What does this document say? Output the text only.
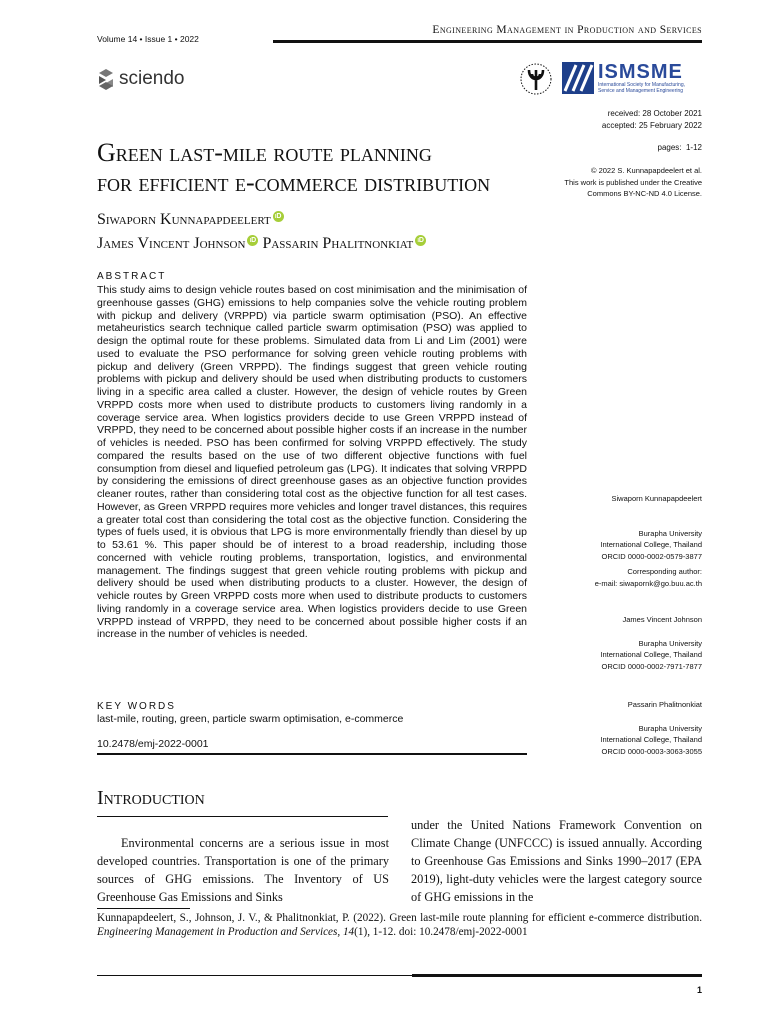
Volume 14 • Issue 1 • 2022
Engineering Management in Production and Services
sciendo	ISMSME
International Society for Manufacturing, Service and Management Engineering
received: 28 October 2021
accepted: 25 February 2022
pages: 1-12
© 2022 S. Kunnapapdeelert et al.
This work is published under the Creative
Commons BY-NC-ND 4.0 License.
Green last-mile route planning
for efficient e-commerce distribution
Siwaporn Kunnapapdeelert iD
James Vincent Johnson iD Passarin Phalitnonkiat iD
ABSTRACT
This study aims to design vehicle routes based on cost minimisation and the minimisation of greenhouse gasses (GHG) emissions to help companies solve the vehicle routing problem with pickup and delivery (VRPPD) via particle swarm optimisation (PSO). An effective metaheuristics search technique called particle swarm optimisation (PSO) was applied to design the optimal route for these problems. Simulated data from Li and Lim (2001) were used to evaluate the PSO performance for solving green vehicle routing problems with pickup and delivery (Green VRPPD). The findings suggest that green vehicle routing problems with pickup and delivery should be used when distributing products to customers living in a specific area called a cluster. However, the design of vehicle routes by Green VRPPD costs more when used to distribute products to customers living randomly in a coverage service area. When logistics providers decide to use Green VRPPD instead of VRPPD, they need to be concerned about possible higher costs if an increase in the number of vehicles is needed. PSO has been confirmed for solving VRPPD effectively. The study compared the results based on the use of two different objective functions with fuel consumption from diesel and liquefied petroleum gas (LPG). It indicates that solving VRPPD by considering the emissions of direct greenhouse gases as an objective function provides cleaner routes, rather than considering total cost as the objective function for all test cases. However, as Green VRPPD requires more vehicles and longer travel distances, this requires a greater total cost than considering the total cost as the objective function. Considering the types of fuels used, it is obvious that LPG is more environmentally friendly than diesel by up to 53.61 %. This paper should be of interest to a broad readership, including those concerned with vehicle routing problems, transportation, logistics, and environmental management. The findings suggest that green vehicle routing problems with pickup and delivery should be used when distributing products to a cluster. However, the design of vehicle routes by Green VRPPD costs more when used to distribute products to customers living randomly in a coverage service area. When logistics providers decide to use Green VRPPD instead of VRPPD, they need to be concerned about possible higher costs if an increase in the number of vehicles is needed.
KEY WORDS
last-mile, routing, green, particle swarm optimisation, e-commerce
10.2478/emj-2022-0001
Siwaporn Kunnapapdeelert
Burapha University
International College, Thailand
ORCID 0000-0002-0579-3877
Corresponding author:
e-mail: siwapornk@go.buu.ac.th
James Vincent Johnson
Burapha University
International College, Thailand
ORCID 0000-0002-7971-7877
Passarin Phalitnonkiat
Burapha University
International College, Thailand
ORCID 0000-0003-3063-3055
Introduction
Environmental concerns are a serious issue in most developed countries. Transportation is one of the primary sources of GHG emissions. The Inventory of US Greenhouse Gas Emissions and Sinks
under the United Nations Framework Convention on Climate Change (UNFCCC) is issued annually. According to Greenhouse Gas Emissions and Sinks 1990–2017 (EPA 2019), light-duty vehicles were the largest category source of GHG emissions in the
Kunnapapdeelert, S., Johnson, J. V., & Phalitnonkiat, P. (2022). Green last-mile route planning for efficient e-commerce distribution. Engineering Management in Production and Services, 14(1), 1-12. doi: 10.2478/emj-2022-0001
1
